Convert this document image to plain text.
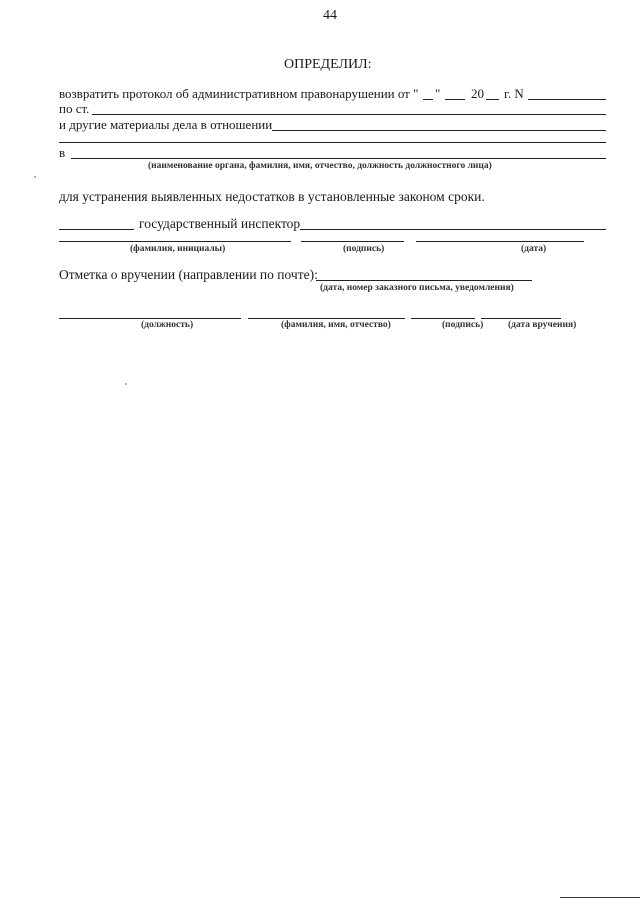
44
ОПРЕДЕЛИЛ:
возвратить протокол об административном правонарушении от " " 20 г. N
по ст.
и другие материалы дела в отношении
в
(наименование органа, фамилия, имя, отчество, должность должностного лица)
для устранения выявленных недостатков в установленные законом сроки.
государственный инспектор
(фамилия, инициалы)	(подпись)	(дата)
Отметка о вручении (направлении по почте):
(дата, номер заказного письма, уведомления)
(должность)	(фамилия, имя, отчество)	(подпись)	(дата вручения)
